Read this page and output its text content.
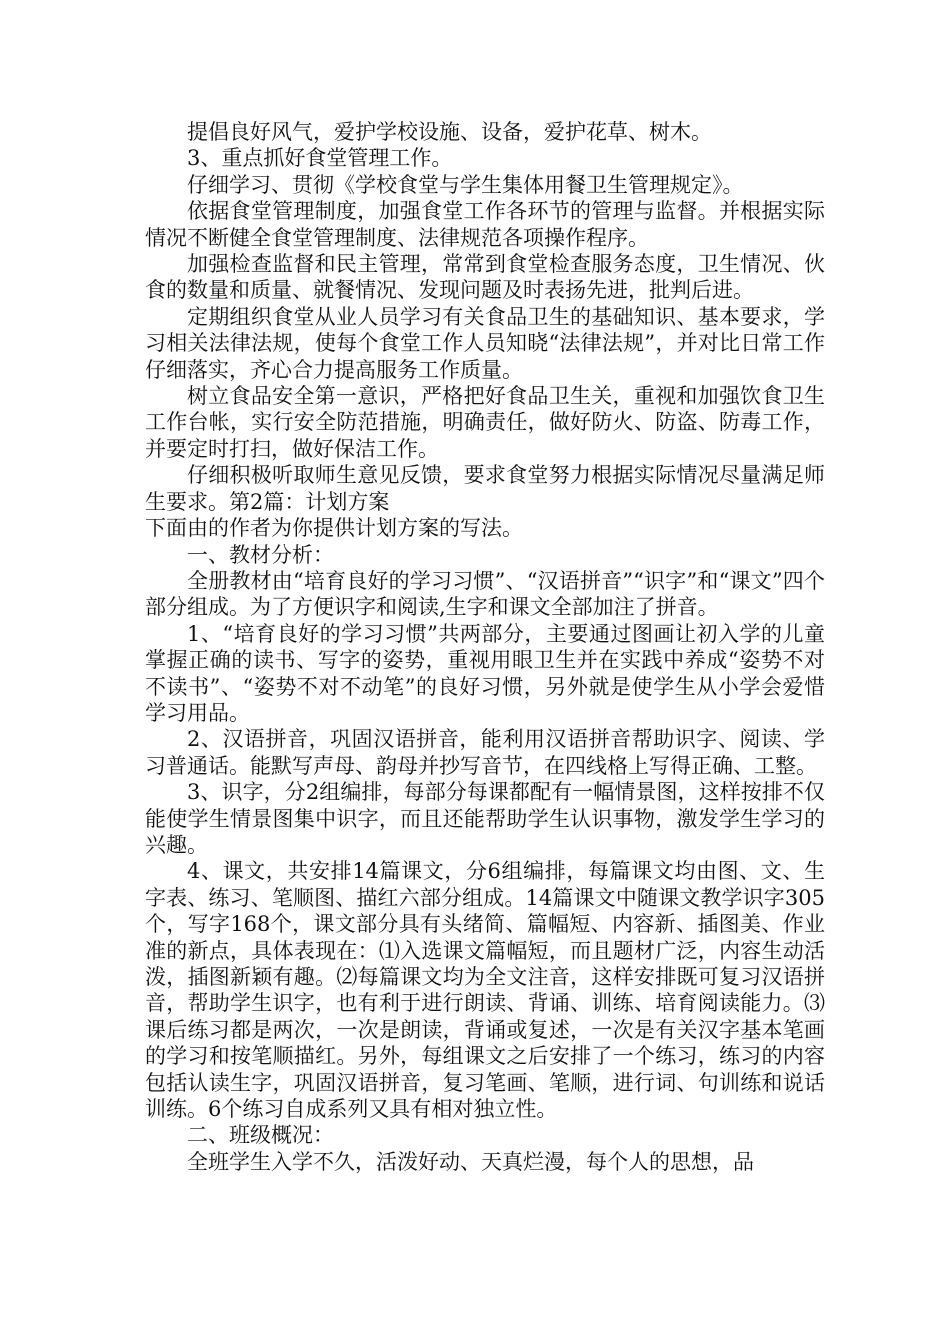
提倡良好风气，爱护学校设施、设备，爱护花草、树木。

3、重点抓好食堂管理工作。

仔细学习、贯彻《学校食堂与学生集体用餐卫生管理规定》。

依据食堂管理制度，加强食堂工作各环节的管理与监督。并根据实际情况不断健全食堂管理制度、法律规范各项操作程序。

加强检查监督和民主管理，常常到食堂检查服务态度，卫生情况、伙食的数量和质量、就餐情况、发现问题及时表扬先进，批判后进。

定期组织食堂从业人员学习有关食品卫生的基础知识、基本要求，学习相关法律法规，使每个食堂工作人员知晓“法律法规”，并对比日常工作仔细落实，齐心合力提高服务工作质量。

树立食品安全第一意识，严格把好食品卫生关，重视和加强饮食卫生工作台帐，实行安全防范措施，明确责任，做好防火、防盗、防毒工作，并要定时打扫，做好保洁工作。

仔细积极听取师生意见反馈，要求食堂努力根据实际情况尽量满足师生要求。第2篇：计划方案

下面由的作者为你提供计划方案的写法。

一、教材分析：

全册教材由“培育良好的学习习惯”、“汉语拼音”“识字”和“课文”四个部分组成。为了方便识字和阅读,生字和课文全部加注了拼音。

1、“培育良好的学习习惯”共两部分，主要通过图画让初入学的儿童掌握正确的读书、写字的姿势，重视用眼卫生并在实践中养成“姿势不对不读书”、“姿势不对不动笔”的良好习惯，另外就是使学生从小学会爱惜学习用品。

2、汉语拼音，巩固汉语拼音，能利用汉语拼音帮助识字、阅读、学习普通话。能默写声母、韵母并抄写音节，在四线格上写得正确、工整。

3、识字，分2组编排，每部分每课都配有一幅情景图，这样按排不仅能使学生情景图集中识字，而且还能帮助学生认识事物，激发学生学习的兴趣。

4、课文，共安排14篇课文，分6组编排，每篇课文均由图、文、生字表、练习、笔顺图、描红六部分组成。14篇课文中随课文教学识字305个，写字168个，课文部分具有头绪简、篇幅短、内容新、插图美、作业准的新点，具体表现在：⑴入选课文篇幅短，而且题材广泛，内容生动活泼，插图新颖有趣。⑵每篇课文均为全文注音，这样安排既可复习汉语拼音，帮助学生识字，也有利于进行朗读、背诵、训练、培育阅读能力。⑶课后练习都是两次，一次是朗读，背诵或复述，一次是有关汉字基本笔画的学习和按笔顺描红。另外，每组课文之后安排了一个练习，练习的内容包括认读生字，巩固汉语拼音，复习笔画、笔顺，进行词、句训练和说话训练。6个练习自成系列又具有相对独立性。

二、班级概况：

全班学生入学不久，活泼好动、天真烂漫，每个人的思想，品
